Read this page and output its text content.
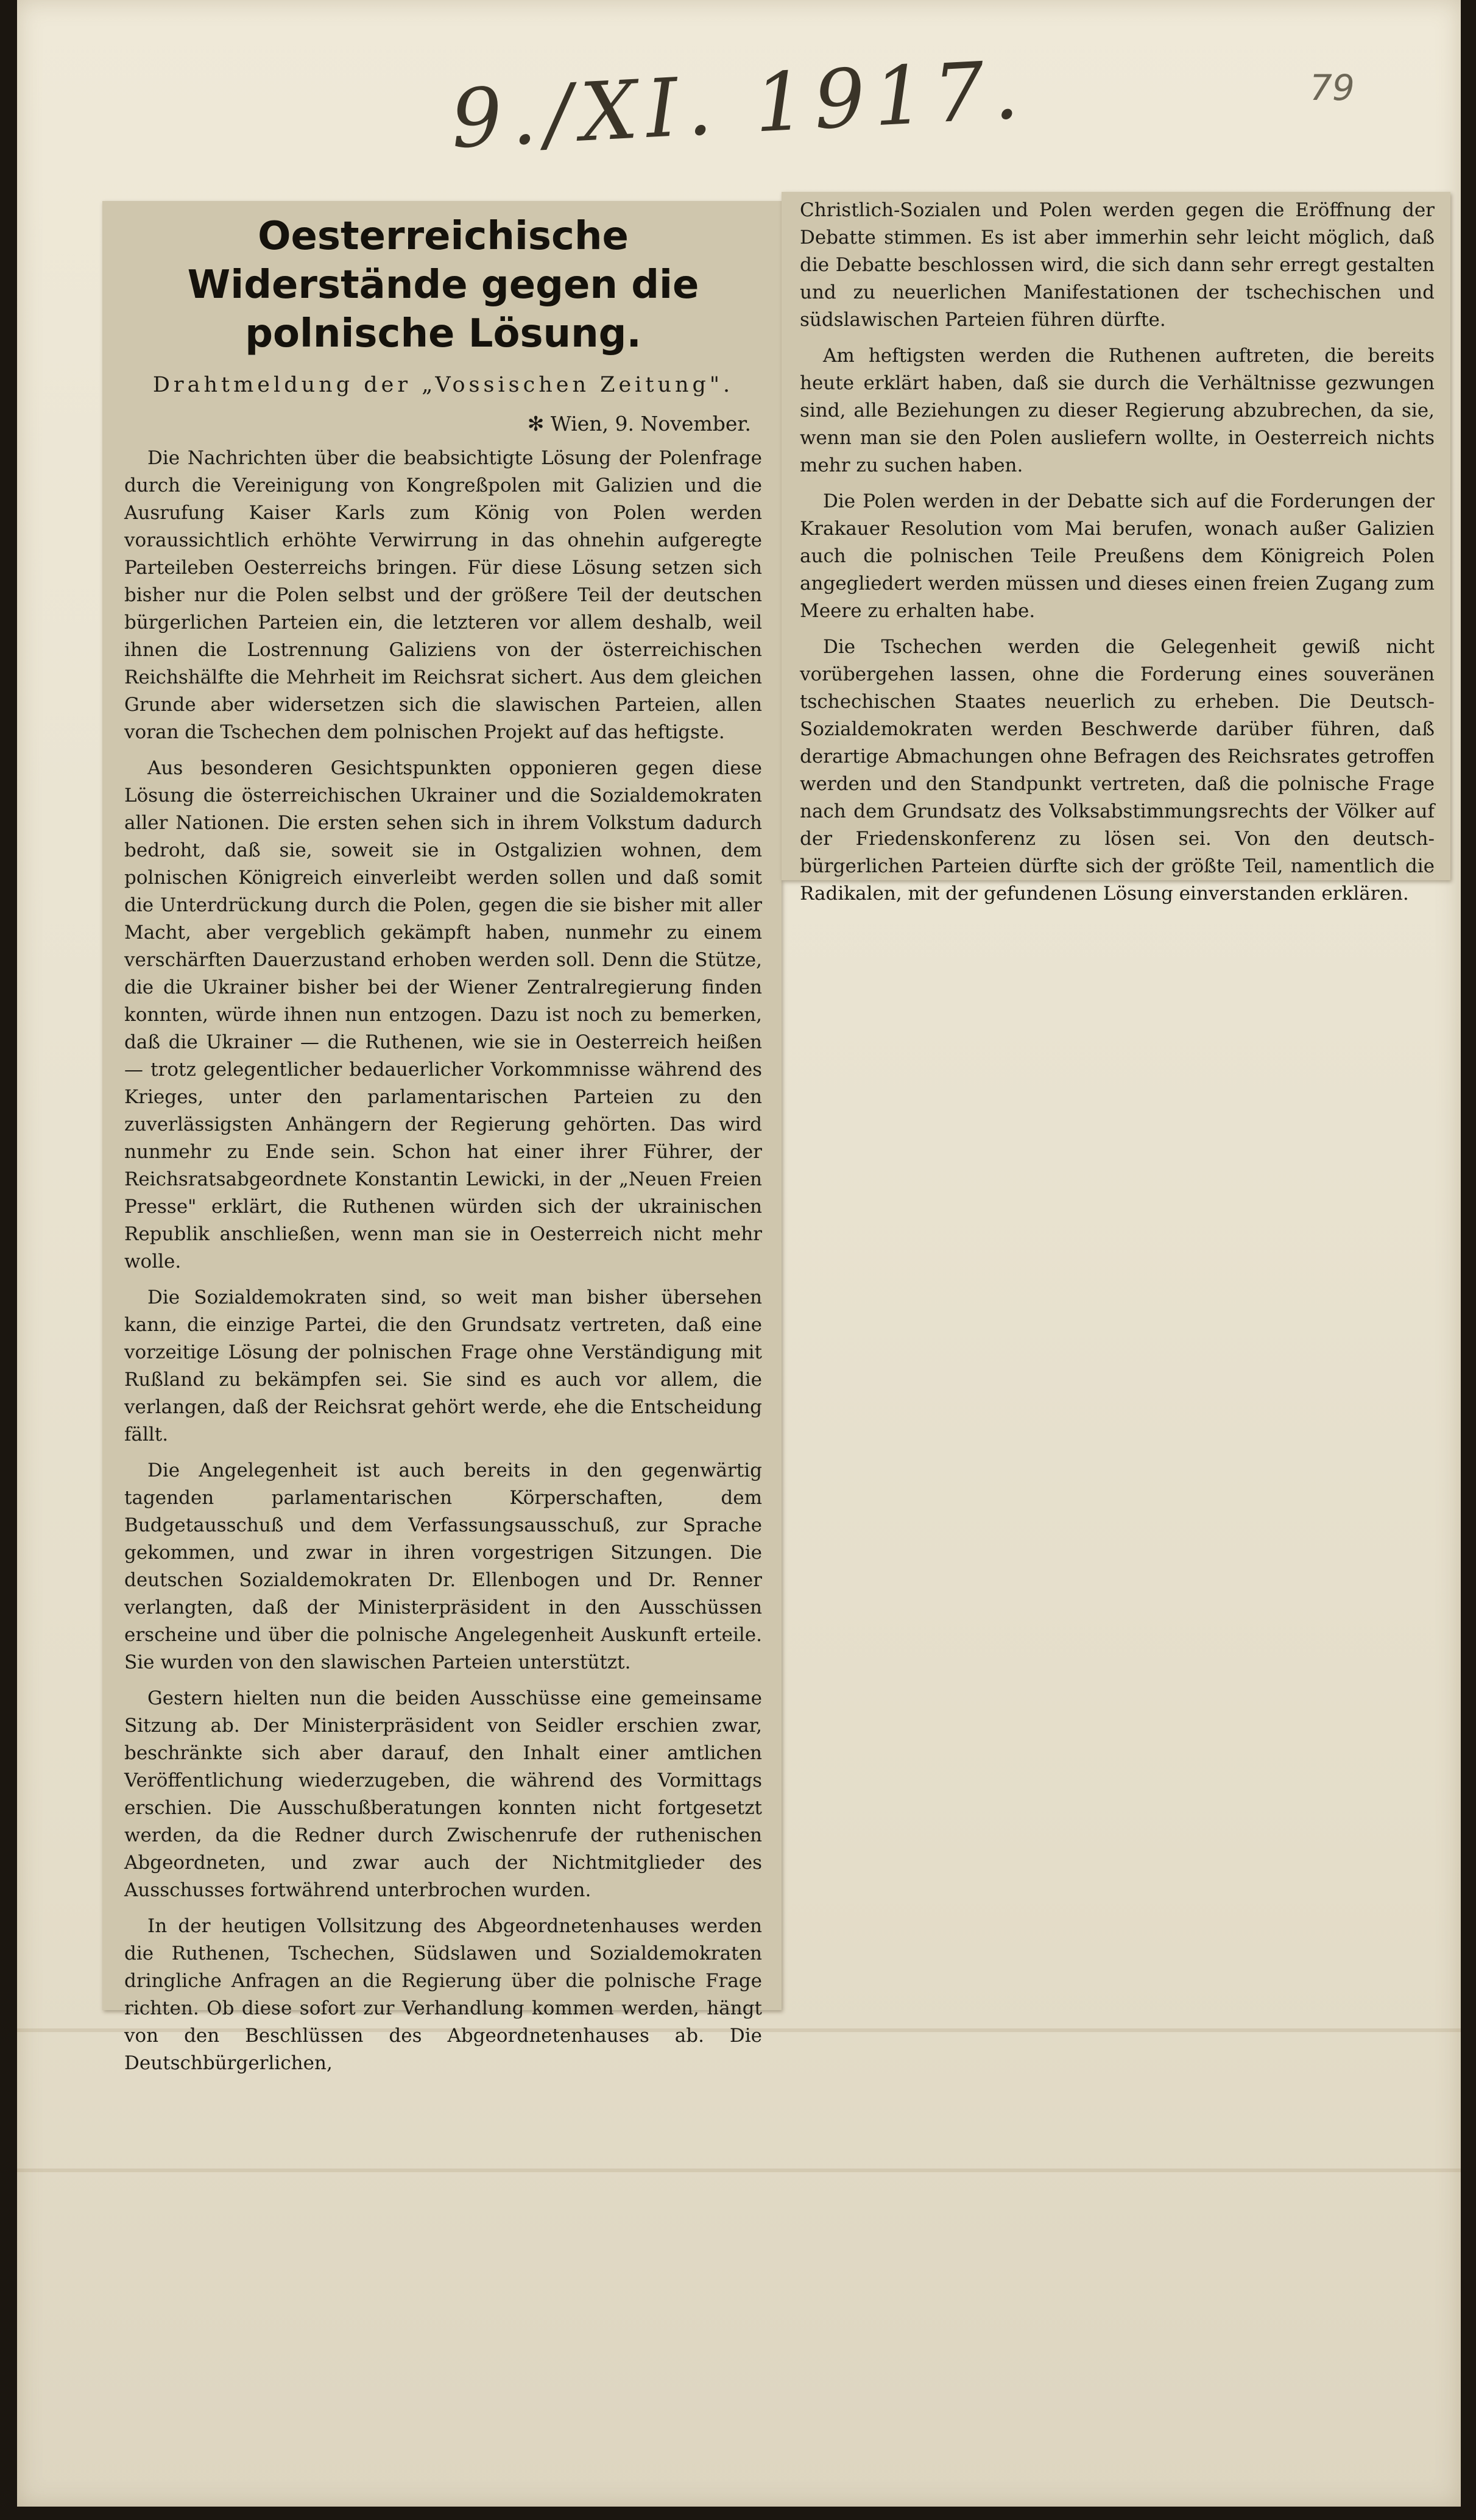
9./XI. 1917.	79
Oesterreichische Widerstände gegen die polnische Lösung.
Drahtmeldung der „Vossischen Zeitung".
✻ Wien, 9. November.

Die Nachrichten über die beabsichtigte Lösung der Polenfrage durch die Vereinigung von Kongreßpolen mit Galizien und die Ausrufung Kaiser Karls zum König von Polen werden voraussichtlich erhöhte Verwirrung in das ohnehin aufgeregte Parteileben Oesterreichs bringen. Für diese Lösung setzen sich bisher nur die Polen selbst und der größere Teil der deutschen bürgerlichen Parteien ein, die letzteren vor allem deshalb, weil ihnen die Lostrennung Galiziens von der österreichischen Reichshälfte die Mehrheit im Reichsrat sichert. Aus dem gleichen Grunde aber widersetzen sich die slawischen Parteien, allen voran die Tschechen dem polnischen Projekt auf das heftigste.

Aus besonderen Gesichtspunkten opponieren gegen diese Lösung die österreichischen Ukrainer und die Sozialdemokraten aller Nationen. Die ersten sehen sich in ihrem Volkstum dadurch bedroht, daß sie, soweit sie in Ostgalizien wohnen, dem polnischen Königreich einverleibt werden sollen und daß somit die Unterdrückung durch die Polen, gegen die sie bisher mit aller Macht, aber vergeblich gekämpft haben, nunmehr zu einem verschärften Dauerzustand erhoben werden soll. Denn die Stütze, die die Ukrainer bisher bei der Wiener Zentralregierung finden konnten, würde ihnen nun entzogen. Dazu ist noch zu bemerken, daß die Ukrainer — die Ruthenen, wie sie in Oesterreich heißen — trotz gelegentlicher bedauerlicher Vorkommnisse während des Krieges, unter den parlamentarischen Parteien zu den zuverlässigsten Anhängern der Regierung gehörten. Das wird nunmehr zu Ende sein. Schon hat einer ihrer Führer, der Reichsratsabgeordnete Konstantin Lewicki, in der „Neuen Freien Presse" erklärt, die Ruthenen würden sich der ukrainischen Republik anschließen, wenn man sie in Oesterreich nicht mehr wolle.

Die Sozialdemokraten sind, so weit man bisher übersehen kann, die einzige Partei, die den Grundsatz vertreten, daß eine vorzeitige Lösung der polnischen Frage ohne Verständigung mit Rußland zu bekämpfen sei. Sie sind es auch vor allem, die verlangen, daß der Reichsrat gehört werde, ehe die Entscheidung fällt.

Die Angelegenheit ist auch bereits in den gegenwärtig tagenden parlamentarischen Körperschaften, dem Budgetausschuß und dem Verfassungsausschuß, zur Sprache gekommen, und zwar in ihren vorgestrigen Sitzungen. Die deutschen Sozialdemokraten Dr. Ellenbogen und Dr. Renner verlangten, daß der Ministerpräsident in den Ausschüssen erscheine und über die polnische Angelegenheit Auskunft erteile. Sie wurden von den slawischen Parteien unterstützt.

Gestern hielten nun die beiden Ausschüsse eine gemeinsame Sitzung ab. Der Ministerpräsident von Seidler erschien zwar, beschränkte sich aber darauf, den Inhalt einer amtlichen Veröffentlichung wiederzugeben, die während des Vormittags erschien. Die Ausschußberatungen konnten nicht fortgesetzt werden, da die Redner durch Zwischenrufe der ruthenischen Abgeordneten, und zwar auch der Nichtmitglieder des Ausschusses fortwährend unterbrochen wurden.

In der heutigen Vollsitzung des Abgeordnetenhauses werden die Ruthenen, Tschechen, Südslawen und Sozialdemokraten dringliche Anfragen an die Regierung über die polnische Frage richten. Ob diese sofort zur Verhandlung kommen werden, hängt von den Beschlüssen des Abgeordnetenhauses ab. Die Deutschbürgerlichen,

Christlich-Sozialen und Polen werden gegen die Eröffnung der Debatte stimmen. Es ist aber immerhin sehr leicht möglich, daß die Debatte beschlossen wird, die sich dann sehr erregt gestalten und zu neuerlichen Manifestationen der tschechischen und südslawischen Parteien führen dürfte.

Am heftigsten werden die Ruthenen auftreten, die bereits heute erklärt haben, daß sie durch die Verhältnisse gezwungen sind, alle Beziehungen zu dieser Regierung abzubrechen, da sie, wenn man sie den Polen ausliefern wollte, in Oesterreich nichts mehr zu suchen haben.

Die Polen werden in der Debatte sich auf die Forderungen der Krakauer Resolution vom Mai berufen, wonach außer Galizien auch die polnischen Teile Preußens dem Königreich Polen angegliedert werden müssen und dieses einen freien Zugang zum Meere zu erhalten habe.

Die Tschechen werden die Gelegenheit gewiß nicht vorübergehen lassen, ohne die Forderung eines souveränen tschechischen Staates neuerlich zu erheben. Die Deutsch-Sozialdemokraten werden Beschwerde darüber führen, daß derartige Abmachungen ohne Befragen des Reichsrates getroffen werden und den Standpunkt vertreten, daß die polnische Frage nach dem Grundsatz des Volksabstimmungsrechts der Völker auf der Friedenskonferenz zu lösen sei. Von den deutsch-bürgerlichen Parteien dürfte sich der größte Teil, namentlich die Radikalen, mit der gefundenen Lösung einverstanden erklären.
